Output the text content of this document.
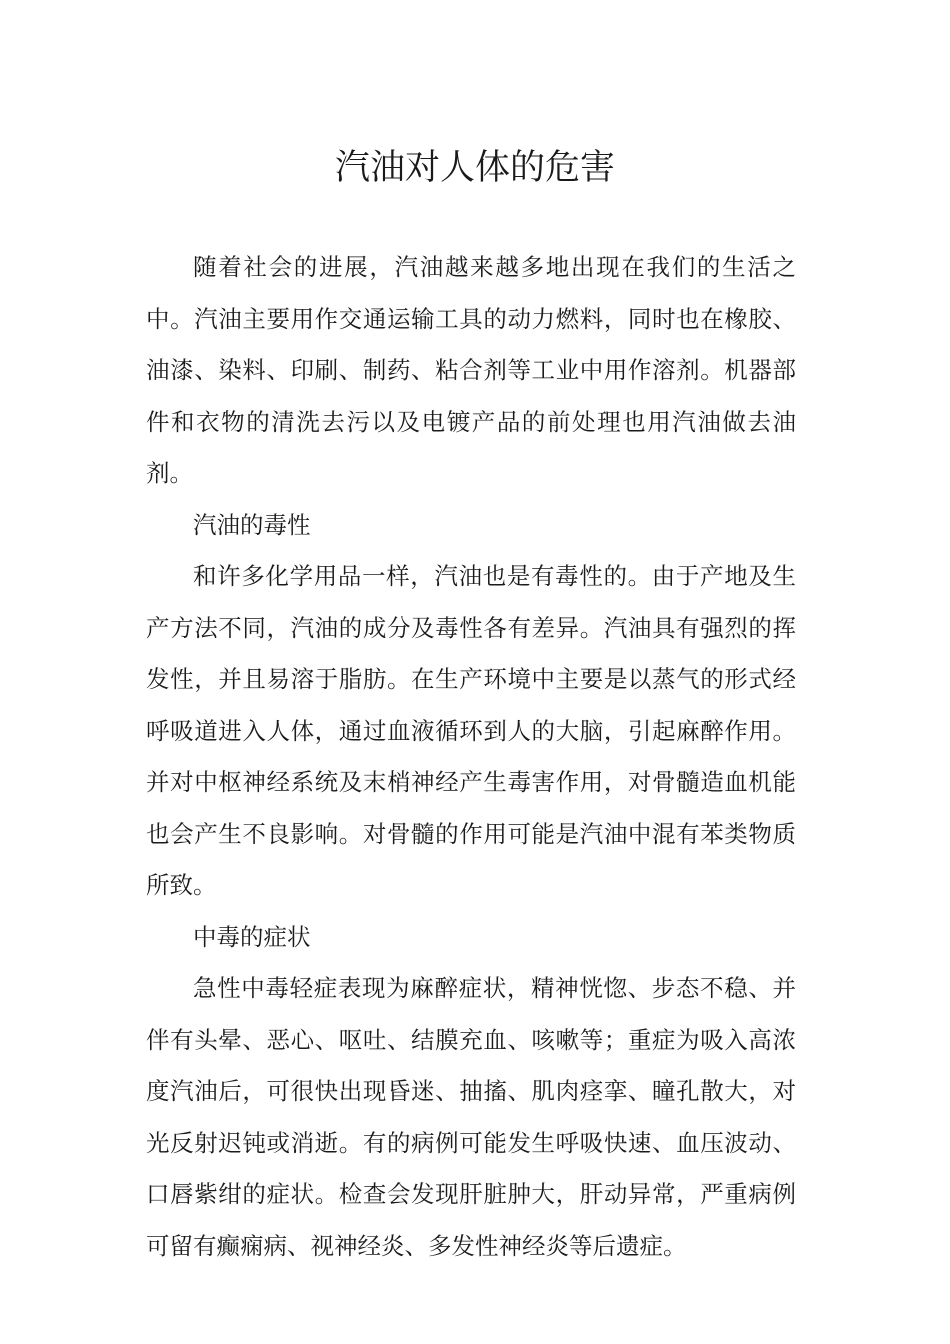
汽油对人体的危害

随着社会的进展，汽油越来越多地出现在我们的生活之中。汽油主要用作交通运输工具的动力燃料，同时也在橡胶、油漆、染料、印刷、制药、粘合剂等工业中用作溶剂。机器部件和衣物的清洗去污以及电镀产品的前处理也用汽油做去油剂。

汽油的毒性

和许多化学用品一样，汽油也是有毒性的。由于产地及生产方法不同，汽油的成分及毒性各有差异。汽油具有强烈的挥发性，并且易溶于脂肪。在生产环境中主要是以蒸气的形式经呼吸道进入人体，通过血液循环到人的大脑，引起麻醉作用。并对中枢神经系统及末梢神经产生毒害作用，对骨髓造血机能也会产生不良影响。对骨髓的作用可能是汽油中混有苯类物质所致。

中毒的症状

急性中毒轻症表现为麻醉症状，精神恍惚、步态不稳、并伴有头晕、恶心、呕吐、结膜充血、咳嗽等；重症为吸入高浓度汽油后，可很快出现昏迷、抽搐、肌肉痉挛、瞳孔散大，对光反射迟钝或消逝。有的病例可能发生呼吸快速、血压波动、口唇紫绀的症状。检查会发现肝脏肿大，肝动异常，严重病例可留有癫痫病、视神经炎、多发性神经炎等后遗症。
